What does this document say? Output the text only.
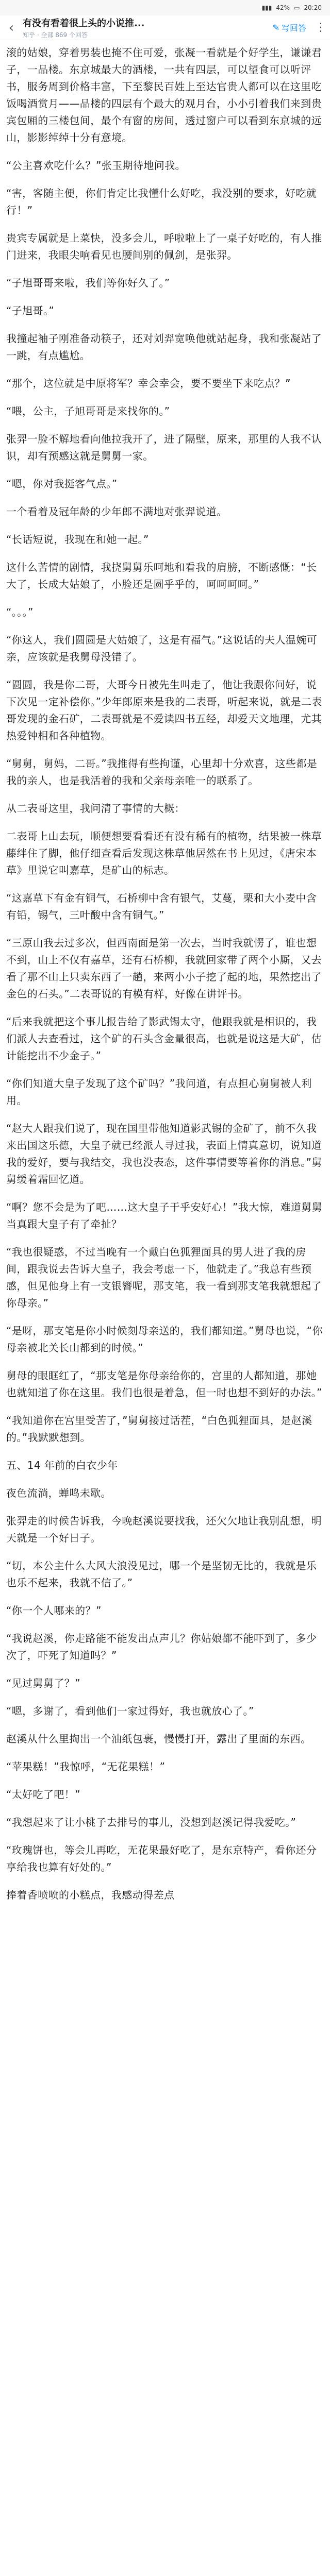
▮▮▮ 42% ▭ 20:20
‹ 有没有看着很上头的小说推...
知乎 · 全部 869 个回答
✎ 写回答 ⋮

滚的姑娘，穿着男装也掩不住可爱，张凝一看就是个好学生，谦谦君子，一品楼。东京城最大的酒楼，一共有四层，可以望食可以听评书，服务周到价格丰富，下至黎民百姓上至达官贵人都可以在这里吃饭喝酒赏月——品楼的四层有个最大的观月台，小小引着我们来到贵宾包厢的三楼包间，最个有窗的房间，透过窗户可以看到东京城的远山，影影绰绰十分有意境。

“公主喜欢吃什么？”张玉期待地问我。

“害，客随主便，你们肯定比我懂什么好吃，我没别的要求，好吃就行！”

贵宾专属就是上菜快，没多会儿，呼啦啦上了一桌子好吃的，有人推门进来，我眼尖响看见也腰间别的佩剑，是张羿。

“子旭哥哥来啦，我们等你好久了。”

“子旭哥。”

我撞起袖子刚准备动筷子，还对刘羿宽唤他就站起身，我和张凝站了一跳，有点尴尬。

“那个，这位就是中原将军？幸会幸会，要不要坐下来吃点？”

“喂，公主，子旭哥哥是来找你的。”

张羿一脸不解地看向他拉我开了，进了隔壁，原来，那里的人我不认识，却有预感这就是舅舅一家。

“嗯，你对我挺客气点。”

一个看着及冠年龄的少年郎不满地对张羿说道。

“长话短说，我现在和她一起。”

这什么苦情的剧情，我挠舅舅乐呵地和看我的肩膀，不断感慨：“长大了，长成大姑娘了，小脸还是圆乎乎的，呵呵呵呵。”

“。。。”

“你这人，我们圆圆是大姑娘了，这是有福气。”这说话的夫人温婉可亲，应该就是我舅母没错了。

“圆圆，我是你二哥，大哥今日被先生叫走了，他让我跟你问好，说下次见一定补偿你。”少年郎原来是我的二表哥，听起来说，就是二表哥发现的金石矿，二表哥就是不爱读四书五经，却爱天文地理，尤其热爱钟相和各种植物。

“舅舅，舅妈，二哥。”我推得有些拘谨，心里却十分欢喜，这些都是我的亲人，也是我活着的我和父亲母亲唯一的联系了。

从二表哥这里，我问清了事情的大概：

二表哥上山去玩，顺便想要看看还有没有稀有的植物，结果被一株草藤绊住了脚，他仔细查看后发现这株草他居然在书上见过，《唐宋本草》里说它叫嘉草，是矿山的标志。

“这嘉草下有金有铜气，石桥柳中含有银气，艾蔓，栗和大小麦中含有铅，锡气，三叶酸中含有铜气。”

“三原山我去过多次，但西南面是第一次去，当时我就愣了，谁也想不到，山上不仅有嘉草，还有石桥柳，我就回家带了两个小厮，又去看了那不山上只卖东西了一趟，来两小小子挖了起的地，果然挖出了金色的石头。”二表哥说的有模有样，好像在讲评书。

“后来我就把这个事儿报告给了影武锡太守，他跟我就是相识的，我们派人去查看过，这个矿的石头含金量很高，也就是说这是大矿，估计能挖出不少金子。”

“你们知道大皇子发现了这个矿吗？”我问道，有点担心舅舅被人利用。

“赵大人跟我们说了，现在国里带他知道影武锡的金矿了，前不久我来出国这乐德，大皇子就已经派人寻过我，表面上情真意切，说知道我的爱好，要与我结交，我也没表态，这件事情要等着你的消息。”舅舅缓着霜回忆道。

“啊？您不会是为了吧……这大皇子于乎安好心！”我大惊，难道舅舅当真跟大皇子有了牵扯？

“我也很疑惑，不过当晚有一个戴白色狐狸面具的男人进了我的房间，跟我说去告诉大皇子，我会考虑一下，他就走了。”我总有些预感，但见他身上有一支银簪呢，那支笔，我一看到那支笔我就想起了你母亲。”

“是呀，那支笔是你小时候刻母亲送的，我们都知道。”舅母也说，“你母亲被北关长山都到的时候。”

舅母的眼眶红了，“那支笔是你母亲给你的，宫里的人都知道，那她也就知道了你在这里。我们也很是着急，但一时也想不到好的办法。”

“我知道你在宫里受苦了，”舅舅接过话茬，“白色狐狸面具，是赵溪的。”我默默想到。

五、14 年前的白衣少年

夜色流淌，蝉鸣未歇。

张羿走的时候告诉我，今晚赵溪说要找我，还欠欠地让我别乱想，明天就是一个好日子。

“切，本公主什么大风大浪没见过，哪一个是坚韧无比的，我就是乐也乐不起来，我就不信了。”

“你一个人哪来的？”

“我说赵溪，你走路能不能发出点声儿？你姑娘都不能吓到了，多少次了，吓死了知道吗？”

“见过舅舅了？”

“嗯，多谢了，看到他们一家过得好，我也就放心了。”

赵溪从什么里掏出一个油纸包裹，慢慢打开，露出了里面的东西。

“苹果糕！”我惊呼，“无花果糕！”

“太好吃了吧！”

“我想起来了让小桃子去排号的事儿，没想到赵溪记得我爱吃。”

“玫瑰饼也，等会儿再吃，无花果最好吃了，是东京特产，看你还分享给我也算有好处的。”

捧着香喷喷的小糕点，我感动得差点
